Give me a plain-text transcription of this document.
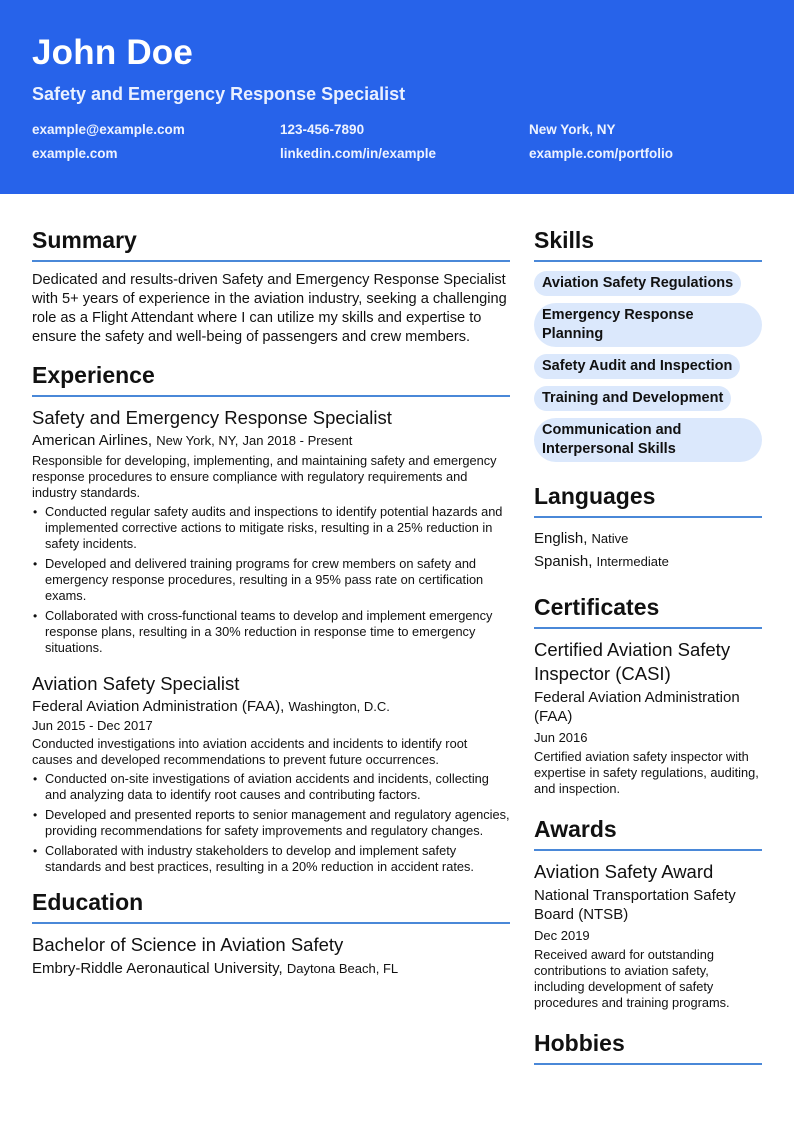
John Doe
Safety and Emergency Response Specialist
example@example.com	123-456-7890	New York, NY
example.com	linkedin.com/in/example	example.com/portfolio
Summary
Dedicated and results-driven Safety and Emergency Response Specialist with 5+ years of experience in the aviation industry, seeking a challenging role as a Flight Attendant where I can utilize my skills and expertise to ensure the safety and well-being of passengers and crew members.
Experience
Safety and Emergency Response Specialist
American Airlines, New York, NY, Jan 2018 - Present
Responsible for developing, implementing, and maintaining safety and emergency response procedures to ensure compliance with regulatory requirements and industry standards.
• Conducted regular safety audits and inspections to identify potential hazards and implemented corrective actions to mitigate risks, resulting in a 25% reduction in safety incidents.
• Developed and delivered training programs for crew members on safety and emergency response procedures, resulting in a 95% pass rate on certification exams.
• Collaborated with cross-functional teams to develop and implement emergency response plans, resulting in a 30% reduction in response time to emergency situations.
Aviation Safety Specialist
Federal Aviation Administration (FAA), Washington, D.C.
Jun 2015 - Dec 2017
Conducted investigations into aviation accidents and incidents to identify root causes and developed recommendations to prevent future occurrences.
• Conducted on-site investigations of aviation accidents and incidents, collecting and analyzing data to identify root causes and contributing factors.
• Developed and presented reports to senior management and regulatory agencies, providing recommendations for safety improvements and regulatory changes.
• Collaborated with industry stakeholders to develop and implement safety standards and best practices, resulting in a 20% reduction in accident rates.
Education
Bachelor of Science in Aviation Safety
Embry-Riddle Aeronautical University, Daytona Beach, FL
Skills
Aviation Safety Regulations
Emergency Response Planning
Safety Audit and Inspection Training and Development
Communication and Interpersonal Skills
Languages
English, Native
Spanish, Intermediate
Certificates
Certified Aviation Safety Inspector (CASI)
Federal Aviation Administration (FAA)
Jun 2016
Certified aviation safety inspector with expertise in safety regulations, auditing, and inspection.
Awards
Aviation Safety Award
National Transportation Safety Board (NTSB)
Dec 2019
Received award for outstanding contributions to aviation safety, including development of safety procedures and training programs.
Hobbies
